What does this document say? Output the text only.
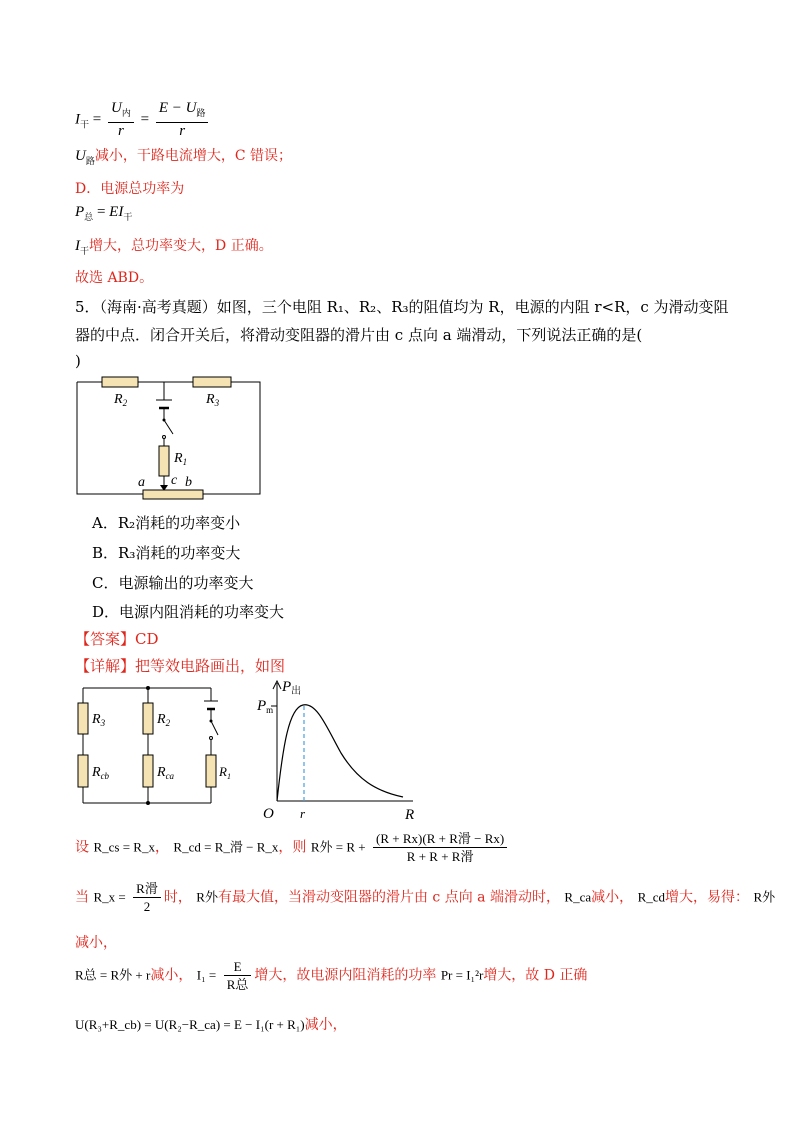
$I_干 = \frac{U_内}{r} = \frac{E - U_路}{r}$
$U_路$减小，干路电流增大，C 错误；
D．电源总功率为
$P_总 = EI_干$
$I_干$增大，总功率变大，D 正确。
故选 ABD。
5．（海南·高考真题）如图，三个电阻 R₁、R₂、R₃的阻值均为 R，电源的内阻 r<R，c 为滑动变阻
器的中点．闭合开关后，将滑动变阻器的滑片由 c 点向 a 端滑动，下列说法正确的是(
)
$R_2$	$R_3$
$R_1$
a c b
A．R₂消耗的功率变小
B．R₃消耗的功率变大
C．电源输出的功率变大
D．电源内阻消耗的功率变大
【答案】CD
【详解】把等效电路画出，如图
$R_3$
$R_{cb}$
$R_2$
$R_{ca}$	$R_1$
$P_出$
$P_m$
O r	R
设 R_cs = R_x， R_cd = R_滑 − R_x，则 R外 = $R + \frac{\text{(R + Rx)(R + R滑 − Rx)}}{\text{R + R + R滑}}$
当 R_x = $\frac{\text{R滑}}{2}$ 时， R外有最大值，当滑动变阻器的滑片由 c 点向 a 端滑动时， R_ca减小， R_cd增大，易得： R外
减小，
R总 = R外 + r减小， $I_1 = \frac{E}{\text{R总}}$ 增大，故电源内阻消耗的功率 Pr = I₁²r增大，故 D 正确
U(R₃+R_cb) = U(R₂−R_ca) = E − I₁(r + R₁)减小，
